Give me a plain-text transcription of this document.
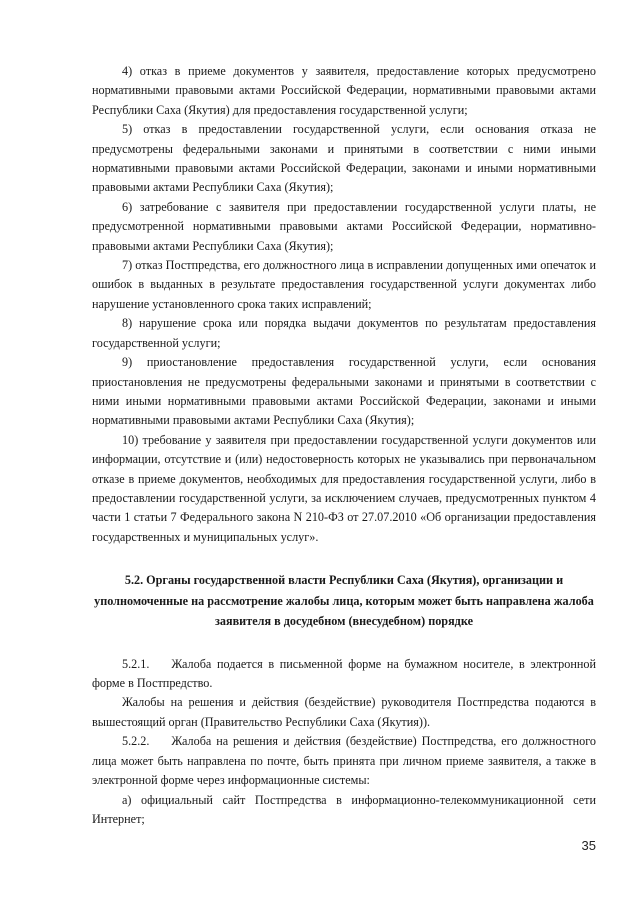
4) отказ в приеме документов у заявителя, предоставление которых предусмотрено нормативными правовыми актами Российской Федерации, нормативными правовыми актами Республики Саха (Якутия) для предоставления государственной услуги;

5) отказ в предоставлении государственной услуги, если основания отказа не предусмотрены федеральными законами и принятыми в соответствии с ними иными нормативными правовыми актами Российской Федерации, законами и иными нормативными правовыми актами Республики Саха (Якутия);

6) затребование с заявителя при предоставлении государственной услуги платы, не предусмотренной нормативными правовыми актами Российской Федерации, нормативно-правовыми актами Республики Саха (Якутия);

7) отказ Постпредства, его должностного лица в исправлении допущенных ими опечаток и ошибок в выданных в результате предоставления государственной услуги документах либо нарушение установленного срока таких исправлений;

8) нарушение срока или порядка выдачи документов по результатам предоставления государственной услуги;

9) приостановление предоставления государственной услуги, если основания приостановления не предусмотрены федеральными законами и принятыми в соответствии с ними иными нормативными правовыми актами Российской Федерации, законами и иными нормативными правовыми актами Республики Саха (Якутия);

10) требование у заявителя при предоставлении государственной услуги документов или информации, отсутствие и (или) недостоверность которых не указывались при первоначальном отказе в приеме документов, необходимых для предоставления государственной услуги, либо в предоставлении государственной услуги, за исключением случаев, предусмотренных пунктом 4 части 1 статьи 7 Федерального закона N 210-ФЗ от 27.07.2010 «Об организации предоставления государственных и муниципальных услуг».

5.2. Органы государственной власти Республики Саха (Якутия), организации и уполномоченные на рассмотрение жалобы лица, которым может быть направлена жалоба заявителя в досудебном (внесудебном) порядке

5.2.1. Жалоба подается в письменной форме на бумажном носителе, в электронной форме в Постпредство.

Жалобы на решения и действия (бездействие) руководителя Постпредства подаются в вышестоящий орган (Правительство Республики Саха (Якутия)).

5.2.2. Жалоба на решения и действия (бездействие) Постпредства, его должностного лица может быть направлена по почте, быть принята при личном приеме заявителя, а также в электронной форме через информационные системы:

а) официальный сайт Постпредства в информационно-телекоммуникационной сети Интернет;

35
